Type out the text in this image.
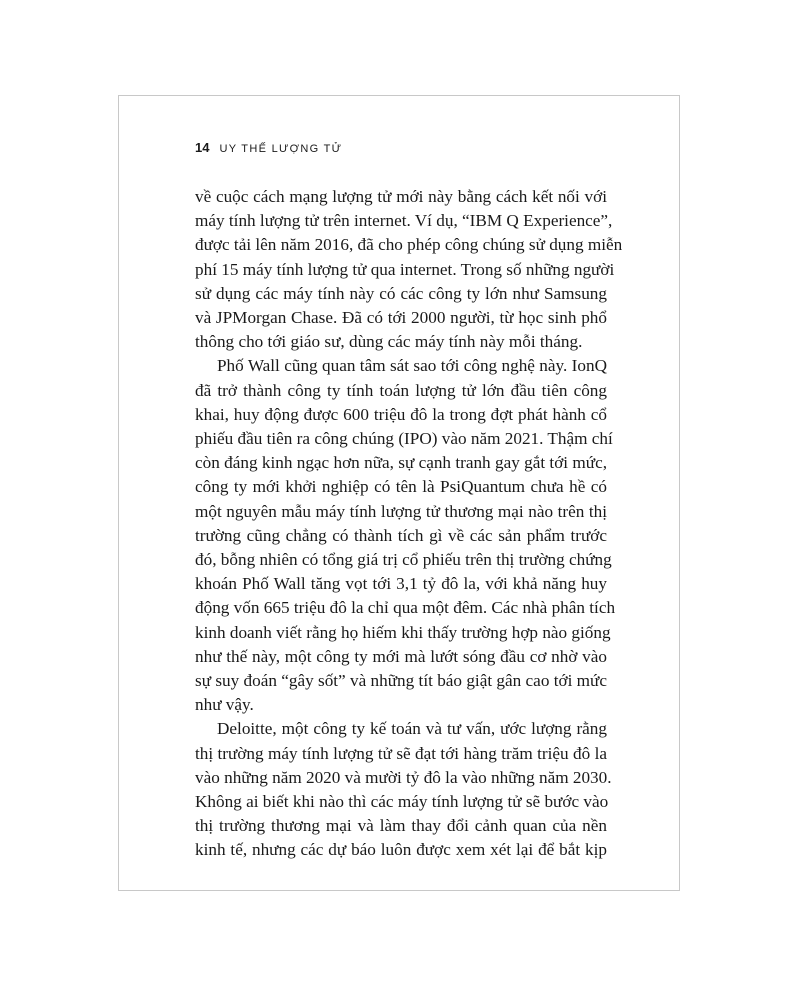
14 UY THẾ LƯỢNG TỬ
về cuộc cách mạng lượng tử mới này bằng cách kết nối với
máy tính lượng tử trên internet. Ví dụ, “IBM Q Experience”,
được tải lên năm 2016, đã cho phép công chúng sử dụng miễn
phí 15 máy tính lượng tử qua internet. Trong số những người
sử dụng các máy tính này có các công ty lớn như Samsung
và JPMorgan Chase. Đã có tới 2000 người, từ học sinh phổ
thông cho tới giáo sư, dùng các máy tính này mỗi tháng.
Phố Wall cũng quan tâm sát sao tới công nghệ này. IonQ
đã trở thành công ty tính toán lượng tử lớn đầu tiên công
khai, huy động được 600 triệu đô la trong đợt phát hành cổ
phiếu đầu tiên ra công chúng (IPO) vào năm 2021. Thậm chí
còn đáng kinh ngạc hơn nữa, sự cạnh tranh gay gắt tới mức,
công ty mới khởi nghiệp có tên là PsiQuantum chưa hề có
một nguyên mẫu máy tính lượng tử thương mại nào trên thị
trường cũng chẳng có thành tích gì về các sản phẩm trước
đó, bỗng nhiên có tổng giá trị cổ phiếu trên thị trường chứng
khoán Phố Wall tăng vọt tới 3,1 tỷ đô la, với khả năng huy
động vốn 665 triệu đô la chỉ qua một đêm. Các nhà phân tích
kinh doanh viết rằng họ hiếm khi thấy trường hợp nào giống
như thế này, một công ty mới mà lướt sóng đầu cơ nhờ vào
sự suy đoán “gây sốt” và những tít báo giật gân cao tới mức
như vậy.
Deloitte, một công ty kế toán và tư vấn, ước lượng rằng
thị trường máy tính lượng tử sẽ đạt tới hàng trăm triệu đô la
vào những năm 2020 và mười tỷ đô la vào những năm 2030.
Không ai biết khi nào thì các máy tính lượng tử sẽ bước vào
thị trường thương mại và làm thay đổi cảnh quan của nền
kinh tế, nhưng các dự báo luôn được xem xét lại để bắt kịp
